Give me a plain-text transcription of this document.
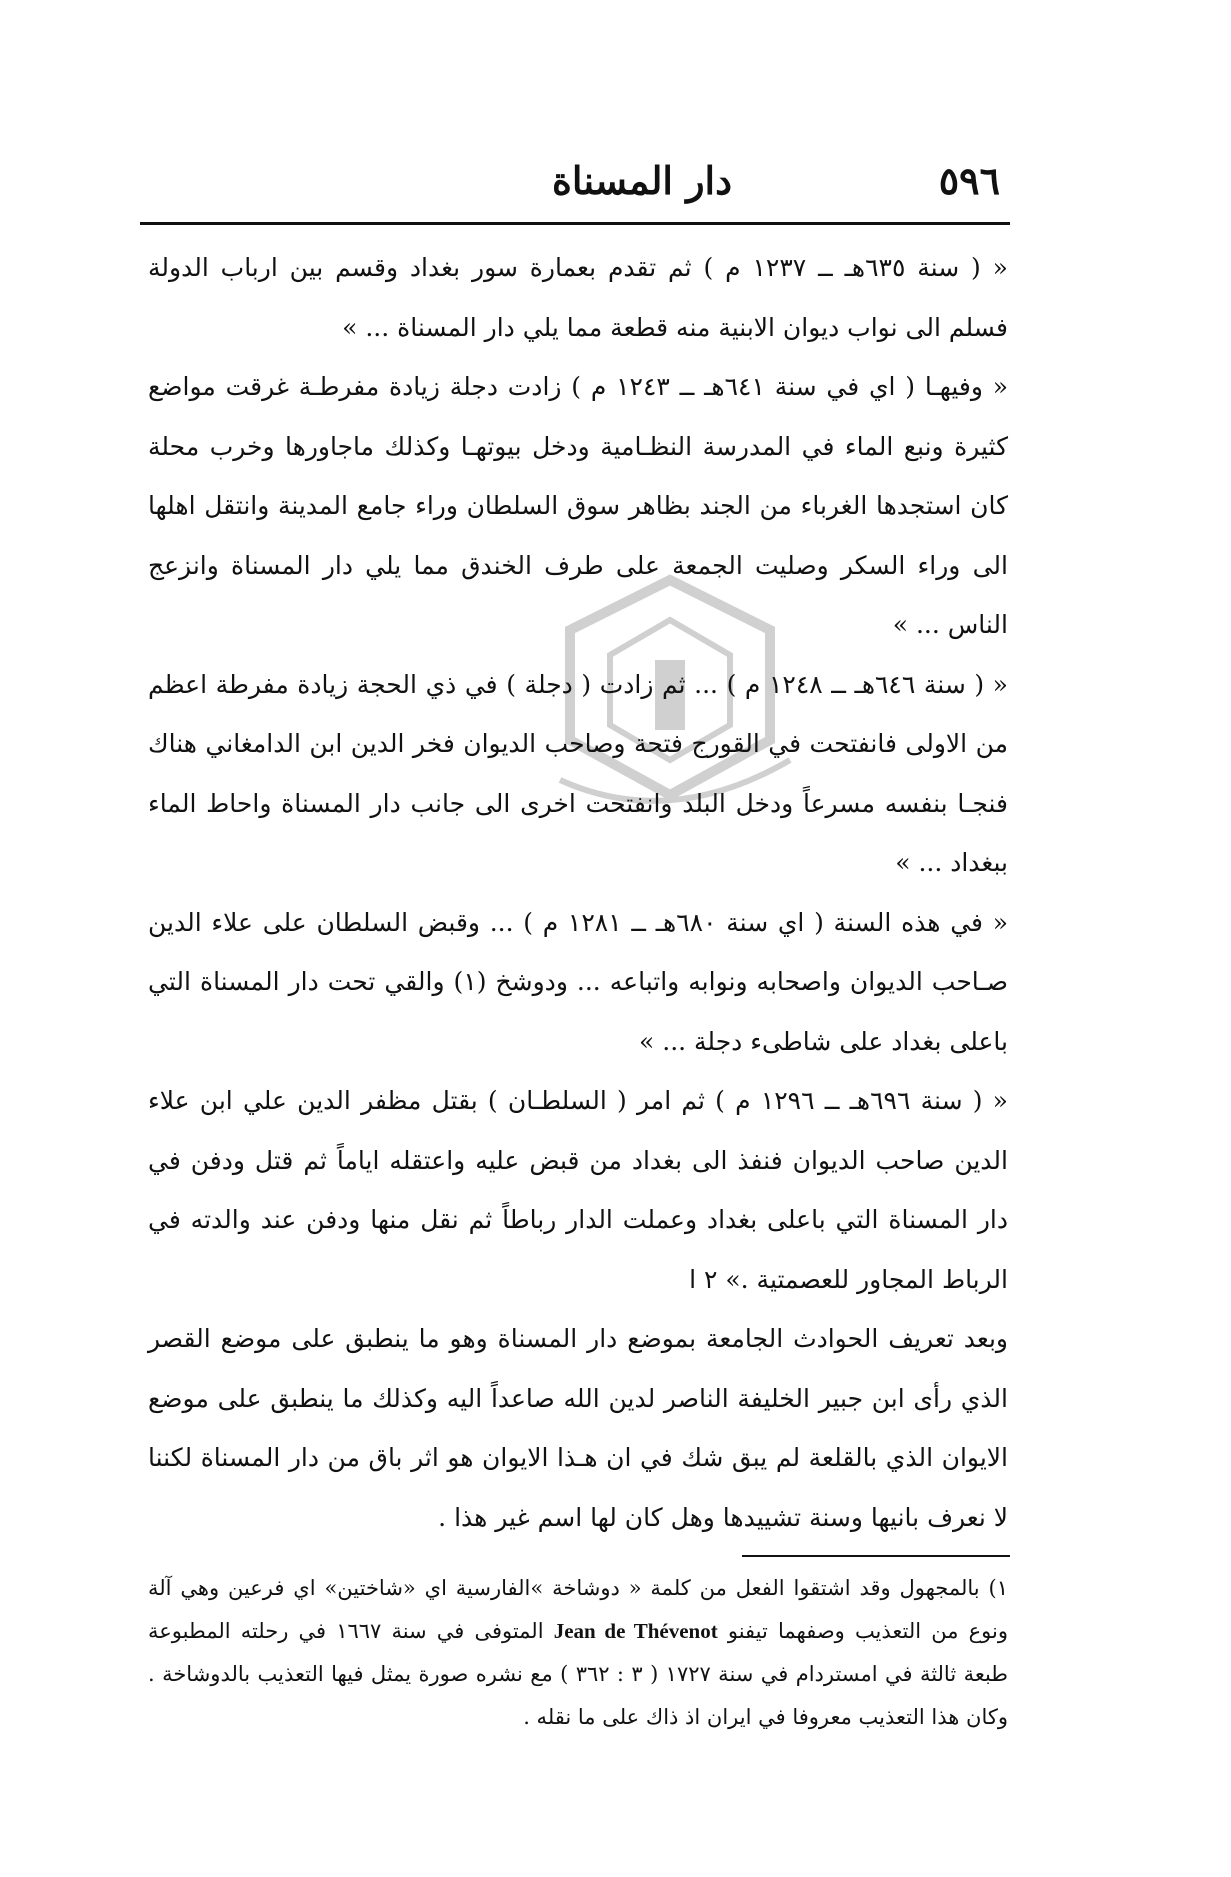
٥٩٦
دار المسناة

« ( سنة ٦٣٥هـ ــ ١٢٣٧ م ) ثم تقدم بعمارة سور بغداد وقسم بين ارباب الدولة فسلم الى نواب ديوان الابنية منه قطعة مما يلي دار المسناة ... »

« وفيهـا ( اي في سنة ٦٤١هـ ــ ١٢٤٣ م ) زادت دجلة زيادة مفرطـة غرقت مواضع كثيرة ونبع الماء في المدرسة النظـامية ودخل بيوتهـا وكذلك ماجاورها وخرب محلة كان استجدها الغرباء من الجند بظاهر سوق السلطان وراء جامع المدينة وانتقل اهلها الى وراء السكر وصليت الجمعة على طرف الخندق مما يلي دار المسناة وانزعج الناس ... »

« ( سنة ٦٤٦هـ ــ ١٢٤٨ م ) ... ثم زادت ( دجلة ) في ذي الحجة زيادة مفرطة اعظم من الاولى فانفتحت في القورج فتحة وصاحب الديوان فخر الدين ابن الدامغاني هناك فنجـا بنفسه مسرعاً ودخل البلد وانفتحت اخرى الى جانب دار المسناة واحاط الماء ببغداد ... »

« في هذه السنة ( اي سنة ٦٨٠هـ ــ ١٢٨١ م ) ... وقبض السلطان على علاء الدين صـاحب الديوان واصحابه ونوابه واتباعه ... ودوشخ (١) والقي تحت دار المسناة التي باعلى بغداد على شاطىء دجلة ... »

« ( سنة ٦٩٦هـ ــ ١٢٩٦ م ) ثم امر ( السلطـان ) بقتل مظفر الدين علي ابن علاء الدين صاحب الديوان فنفذ الى بغداد من قبض عليه واعتقله اياماً ثم قتل ودفن في دار المسناة التي باعلى بغداد وعملت الدار رباطاً ثم نقل منها ودفن عند والدته في الرباط المجاور للعصمتية .» ٢ ا

وبعد تعريف الحوادث الجامعة بموضع دار المسناة وهو ما ينطبق على موضع القصر الذي رأى ابن جبير الخليفة الناصر لدين الله صاعداً اليه وكذلك ما ينطبق على موضع الايوان الذي بالقلعة لم يبق شك في ان هـذا الايوان هو اثر باق من دار المسناة لكننا لا نعرف بانيها وسنة تشييدها وهل كان لها اسم غير هذا .

١) بالمجهول وقد اشتقوا الفعل من كلمة « دوشاخة »الفارسية اي «شاختين» اي فرعين وهي آلة ونوع من التعذيب وصفهما تيفنو Jean de Thévenot المتوفى في سنة ١٦٦٧ في رحلته المطبوعة طبعة ثالثة في امستردام في سنة ١٧٢٧ ( ٣ : ٣٦٢ ) مع نشره صورة يمثل فيها التعذيب بالدوشاخة . وكان هذا التعذيب معروفا في ايران اذ ذاك على ما نقله .
